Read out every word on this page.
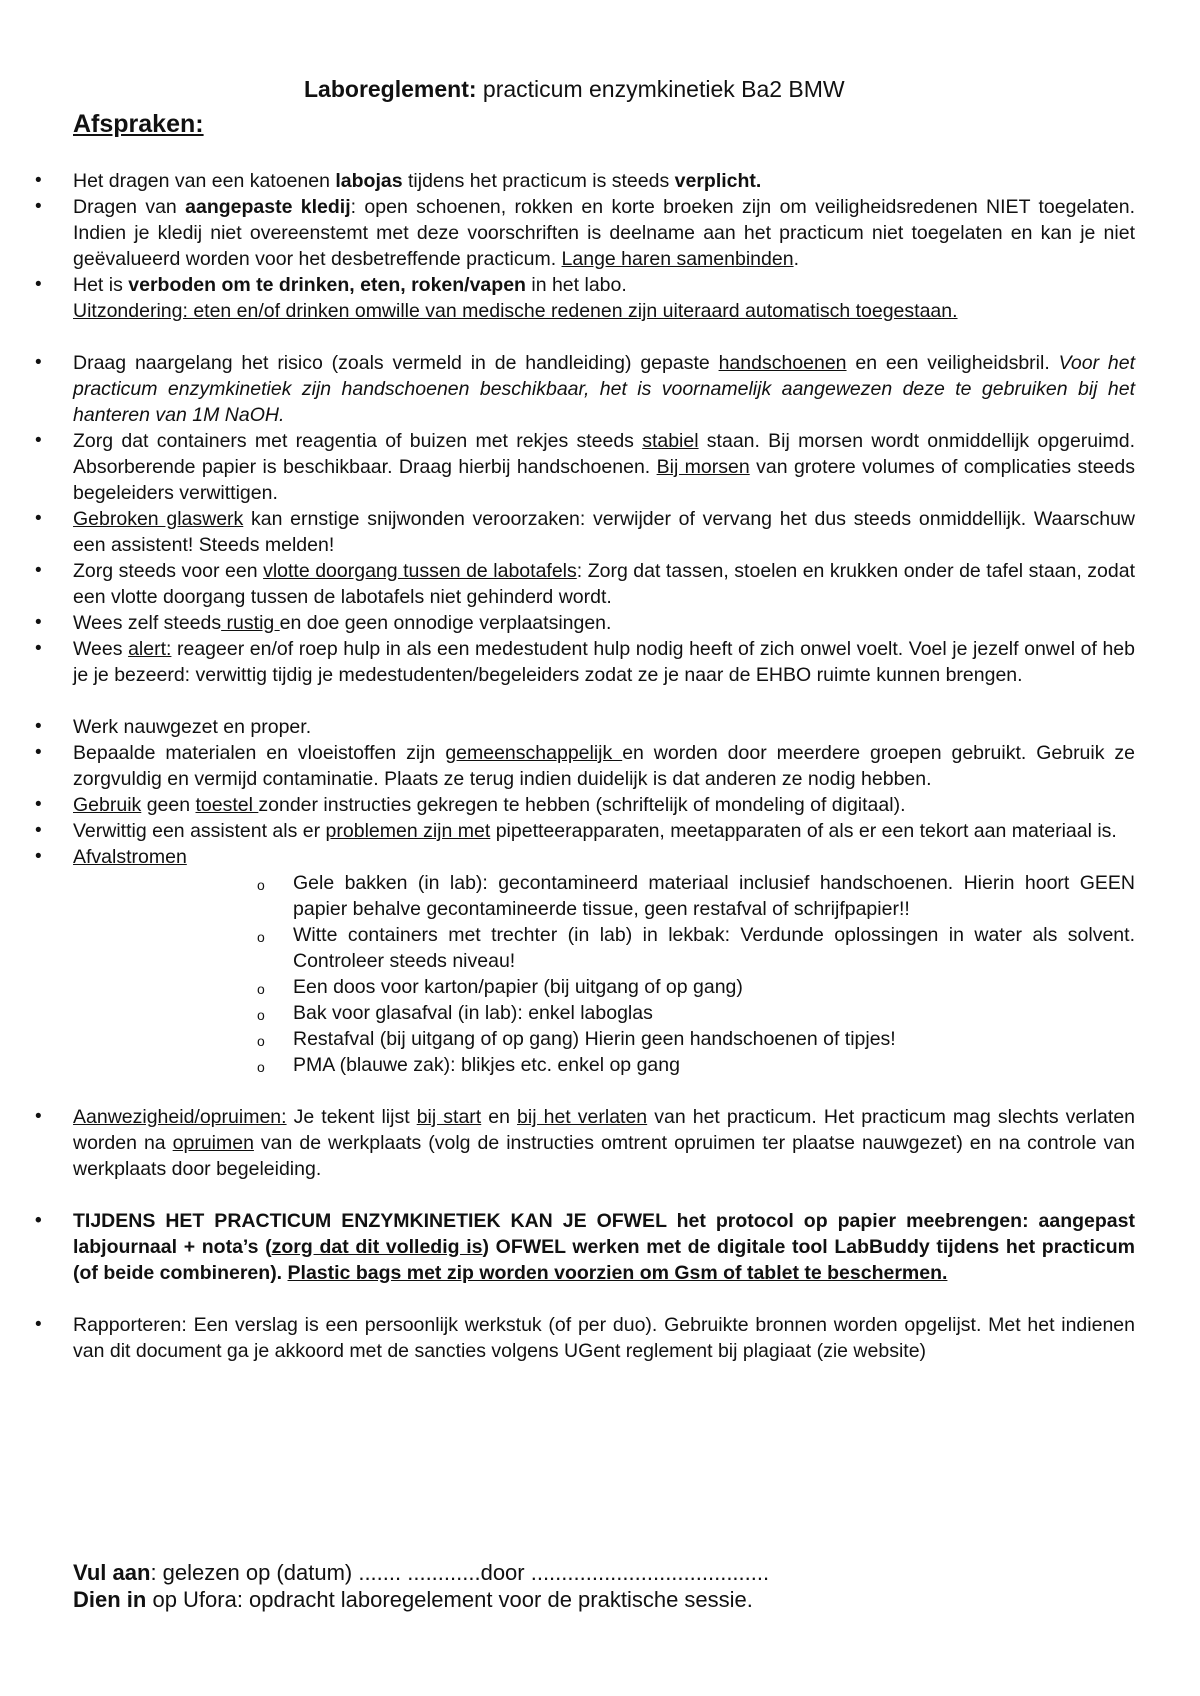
Laboreglement: practicum enzymkinetiek Ba2 BMW
Afspraken:
• Het dragen van een katoenen labojas tijdens het practicum is steeds verplicht.
• Dragen van aangepaste kledij: open schoenen, rokken en korte broeken zijn om veiligheidsredenen NIET toegelaten. Indien je kledij niet overeenstemt met deze voorschriften is deelname aan het practicum niet toegelaten en kan je niet geëvalueerd worden voor het desbetreffende practicum. Lange haren samenbinden.
• Het is verboden om te drinken, eten, roken/vapen in het labo.
Uitzondering: eten en/of drinken omwille van medische redenen zijn uiteraard automatisch toegestaan.
• Draag naargelang het risico (zoals vermeld in de handleiding) gepaste handschoenen en een veiligheidsbril. Voor het practicum enzymkinetiek zijn handschoenen beschikbaar, het is voornamelijk aangewezen deze te gebruiken bij het hanteren van 1M NaOH.
• Zorg dat containers met reagentia of buizen met rekjes steeds stabiel staan. Bij morsen wordt onmiddellijk opgeruimd. Absorberende papier is beschikbaar. Draag hierbij handschoenen. Bij morsen van grotere volumes of complicaties steeds begeleiders verwittigen.
• Gebroken glaswerk kan ernstige snijwonden veroorzaken: verwijder of vervang het dus steeds onmiddellijk. Waarschuw een assistent! Steeds melden!
• Zorg steeds voor een vlotte doorgang tussen de labotafels: Zorg dat tassen, stoelen en krukken onder de tafel staan, zodat een vlotte doorgang tussen de labotafels niet gehinderd wordt.
• Wees zelf steeds rustig en doe geen onnodige verplaatsingen.
• Wees alert: reageer en/of roep hulp in als een medestudent hulp nodig heeft of zich onwel voelt. Voel je jezelf onwel of heb je je bezeerd: verwittig tijdig je medestudenten/begeleiders zodat ze je naar de EHBO ruimte kunnen brengen.
• Werk nauwgezet en proper.
• Bepaalde materialen en vloeistoffen zijn gemeenschappelijk en worden door meerdere groepen gebruikt. Gebruik ze zorgvuldig en vermijd contaminatie. Plaats ze terug indien duidelijk is dat anderen ze nodig hebben.
• Gebruik geen toestel zonder instructies gekregen te hebben (schriftelijk of mondeling of digitaal).
• Verwittig een assistent als er problemen zijn met pipetteerapparaten, meetapparaten of als er een tekort aan materiaal is.
• Afvalstromen
o Gele bakken (in lab): gecontamineerd materiaal inclusief handschoenen. Hierin hoort GEEN papier behalve gecontamineerde tissue, geen restafval of schrijfpapier!!
o Witte containers met trechter (in lab) in lekbak: Verdunde oplossingen in water als solvent. Controleer steeds niveau!
o Een doos voor karton/papier (bij uitgang of op gang)
o Bak voor glasafval (in lab): enkel laboglas
o Restafval (bij uitgang of op gang) Hierin geen handschoenen of tipjes!
o PMA (blauwe zak): blikjes etc. enkel op gang
• Aanwezigheid/opruimen: Je tekent lijst bij start en bij het verlaten van het practicum. Het practicum mag slechts verlaten worden na opruimen van de werkplaats (volg de instructies omtrent opruimen ter plaatse nauwgezet) en na controle van werkplaats door begeleiding.
• TIJDENS HET PRACTICUM ENZYMKINETIEK KAN JE OFWEL het protocol op papier meebrengen: aangepast labjournaal + nota’s (zorg dat dit volledig is) OFWEL werken met de digitale tool LabBuddy tijdens het practicum (of beide combineren). Plastic bags met zip worden voorzien om Gsm of tablet te beschermen.
• Rapporteren: Een verslag is een persoonlijk werkstuk (of per duo). Gebruikte bronnen worden opgelijst. Met het indienen van dit document ga je akkoord met de sancties volgens UGent reglement bij plagiaat (zie website)
Vul aan: gelezen op (datum) ....... ............door .......................................
Dien in op Ufora: opdracht laboregelement voor de praktische sessie.
